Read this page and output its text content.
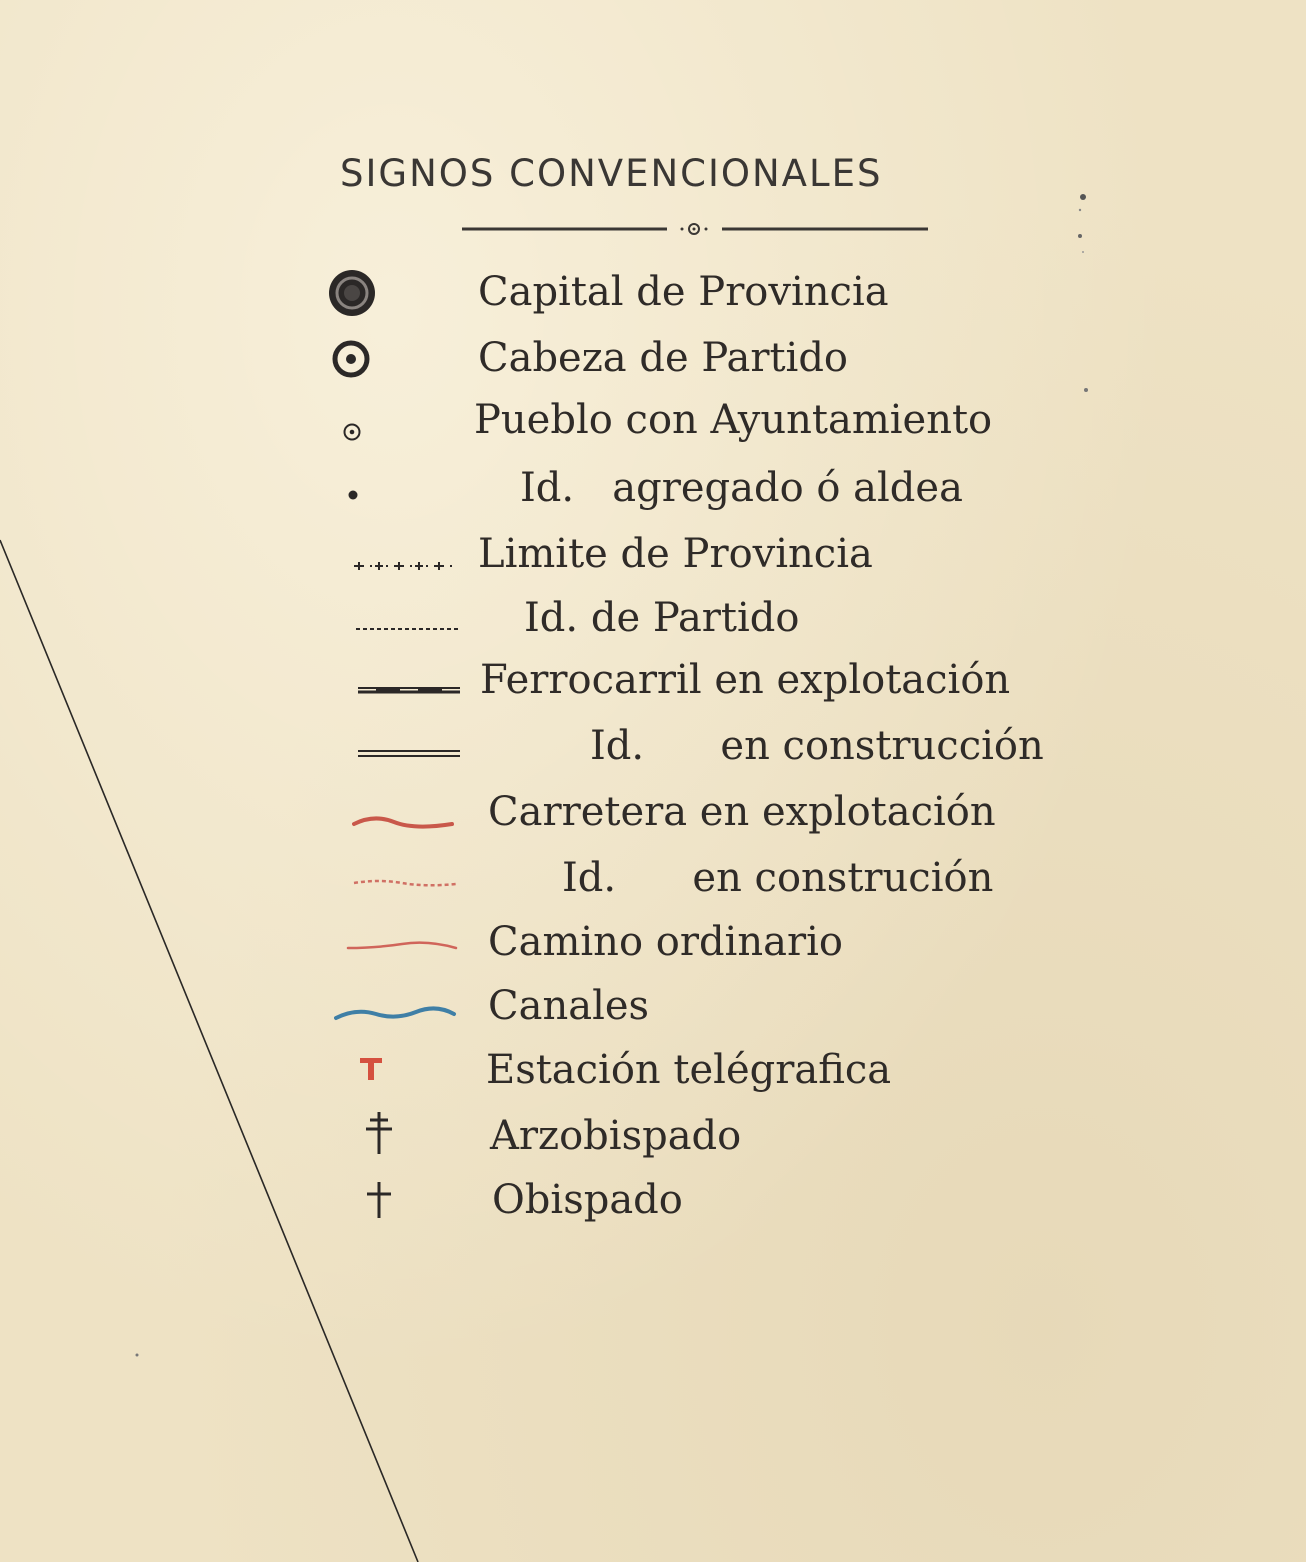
SIGNOS CONVENCIONALES
Capital de Provincia
Cabeza de Partido
Pueblo con Ayuntamiento
Id.   agregado ó aldea
Limite de Provincia
Id. de Partido
Ferrocarril en explotación
Id.      en construcción
Carretera en explotación
Id.      en construción
Camino ordinario
Canales
Estación telégrafica
Arzobispado
Obispado
